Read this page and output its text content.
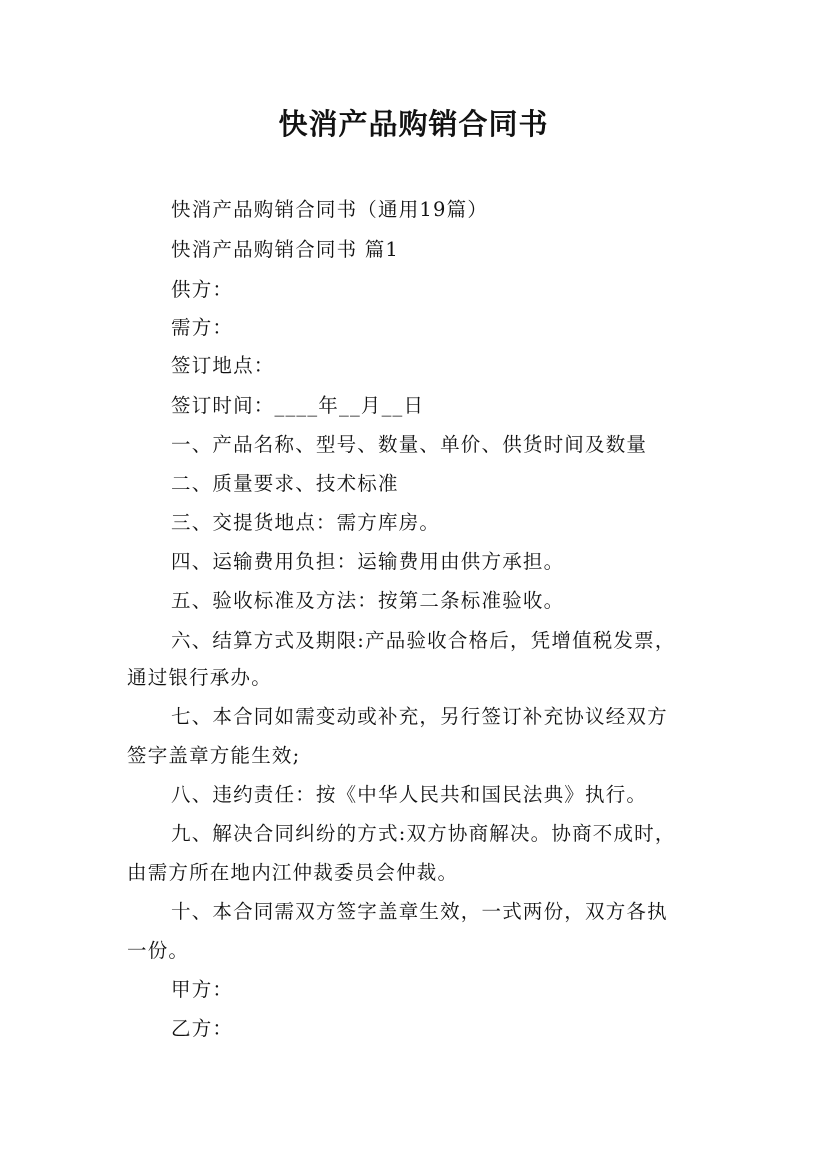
快消产品购销合同书
快消产品购销合同书（通用19篇）
快消产品购销合同书 篇1
供方：
需方：
签订地点：
签订时间：____年__月__日
一、产品名称、型号、数量、单价、供货时间及数量
二、质量要求、技术标准
三、交提货地点：需方库房。
四、运输费用负担：运输费用由供方承担。
五、验收标准及方法：按第二条标准验收。
六、结算方式及期限:产品验收合格后，凭增值税发票，
通过银行承办。
七、本合同如需变动或补充，另行签订补充协议经双方
签字盖章方能生效;
八、违约责任：按《中华人民共和国民法典》执行。
九、解决合同纠纷的方式:双方协商解决。协商不成时，
由需方所在地内江仲裁委员会仲裁。
十、本合同需双方签字盖章生效，一式两份，双方各执
一份。
甲方：
乙方：
